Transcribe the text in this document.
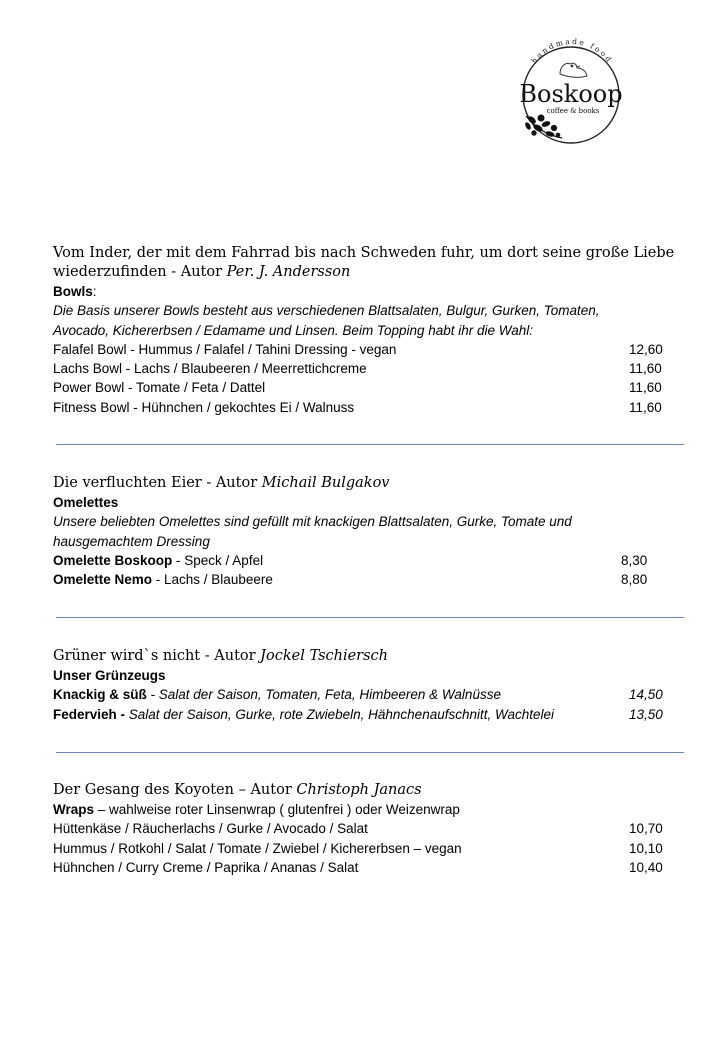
handmade food
Boskoop
coffee & books
Vom Inder, der mit dem Fahrrad bis nach Schweden fuhr, um dort seine große Liebe wiederzufinden - Autor Per. J. Andersson
Bowls:
Die Basis unserer Bowls besteht aus verschiedenen Blattsalaten, Bulgur, Gurken, Tomaten, Avocado, Kichererbsen / Edamame und Linsen. Beim Topping habt ihr die Wahl:
Falafel Bowl - Hummus / Falafel / Tahini Dressing - vegan	12,60
Lachs Bowl - Lachs / Blaubeeren / Meerrettichcreme	11,60
Power Bowl - Tomate / Feta / Dattel	11,60
Fitness Bowl - Hühnchen / gekochtes Ei / Walnuss	11,60
Die verfluchten Eier - Autor Michail Bulgakov
Omelettes
Unsere beliebten Omelettes sind gefüllt mit knackigen Blattsalaten, Gurke, Tomate und hausgemachtem Dressing
Omelette Boskoop - Speck / Apfel	8,30
Omelette Nemo - Lachs / Blaubeere	8,80
Grüner wird`s nicht - Autor Jockel Tschiersch
Unser Grünzeugs
Knackig & süß - Salat der Saison, Tomaten, Feta, Himbeeren & Walnüsse	14,50
Federvieh - Salat der Saison, Gurke, rote Zwiebeln, Hähnchenaufschnitt, Wachtelei	13,50
Der Gesang des Koyoten – Autor Christoph Janacs
Wraps – wahlweise roter Linsenwrap ( glutenfrei ) oder Weizenwrap
Hüttenkäse / Räucherlachs / Gurke / Avocado / Salat	10,70
Hummus / Rotkohl / Salat / Tomate / Zwiebel / Kichererbsen – vegan	10,10
Hühnchen / Curry Creme / Paprika / Ananas / Salat	10,40
